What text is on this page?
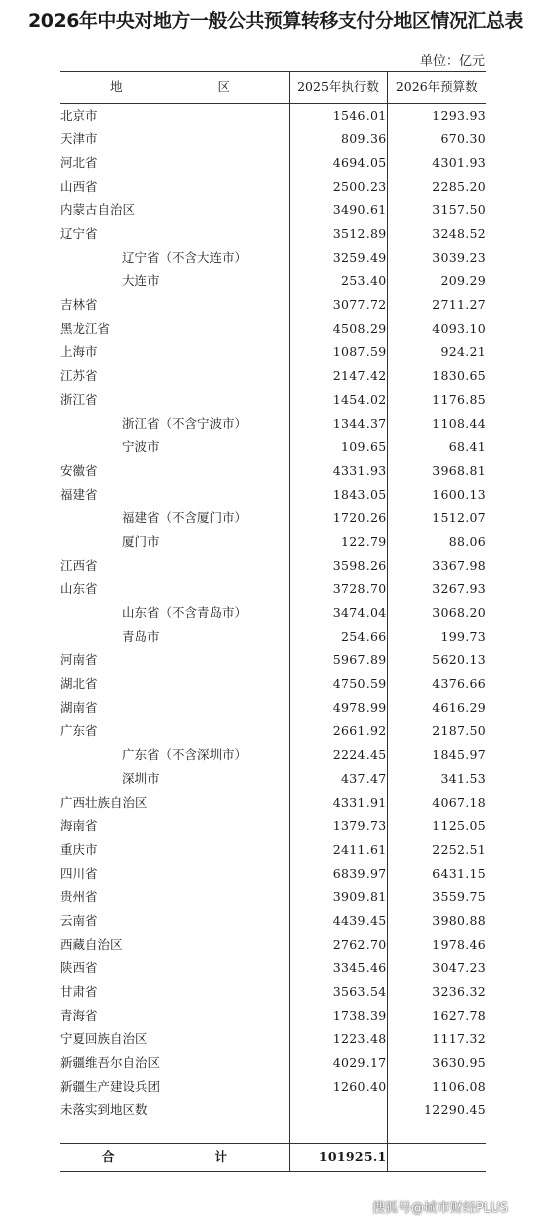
2026年中央对地方一般公共预算转移支付分地区情况汇总表
单位：亿元
地 区	2025年执行数	2026年预算数
北京市	1546.01	1293.93
天津市	809.36	670.30
河北省	4694.05	4301.93
山西省	2500.23	2285.20
内蒙古自治区	3490.61	3157.50
辽宁省	3512.89	3248.52
辽宁省（不含大连市）	3259.49	3039.23
大连市	253.40	209.29
吉林省	3077.72	2711.27
黑龙江省	4508.29	4093.10
上海市	1087.59	924.21
江苏省	2147.42	1830.65
浙江省	1454.02	1176.85
浙江省（不含宁波市）	1344.37	1108.44
宁波市	109.65	68.41
安徽省	4331.93	3968.81
福建省	1843.05	1600.13
福建省（不含厦门市）	1720.26	1512.07
厦门市	122.79	88.06
江西省	3598.26	3367.98
山东省	3728.70	3267.93
山东省（不含青岛市）	3474.04	3068.20
青岛市	254.66	199.73
河南省	5967.89	5620.13
湖北省	4750.59	4376.66
湖南省	4978.99	4616.29
广东省	2661.92	2187.50
广东省（不含深圳市）	2224.45	1845.97
深圳市	437.47	341.53
广西壮族自治区	4331.91	4067.18
海南省	1379.73	1125.05
重庆市	2411.61	2252.51
四川省	6839.97	6431.15
贵州省	3909.81	3559.75
云南省	4439.45	3980.88
西藏自治区	2762.70	1978.46
陕西省	3345.46	3047.23
甘肃省	3563.54	3236.32
青海省	1738.39	1627.78
宁夏回族自治区	1223.48	1117.32
新疆维吾尔自治区	4029.17	3630.95
新疆生产建设兵团	1260.40	1106.08
未落实到地区数		12290.45

合 计	101925.1	
搜狐号@城市财经PLUS
